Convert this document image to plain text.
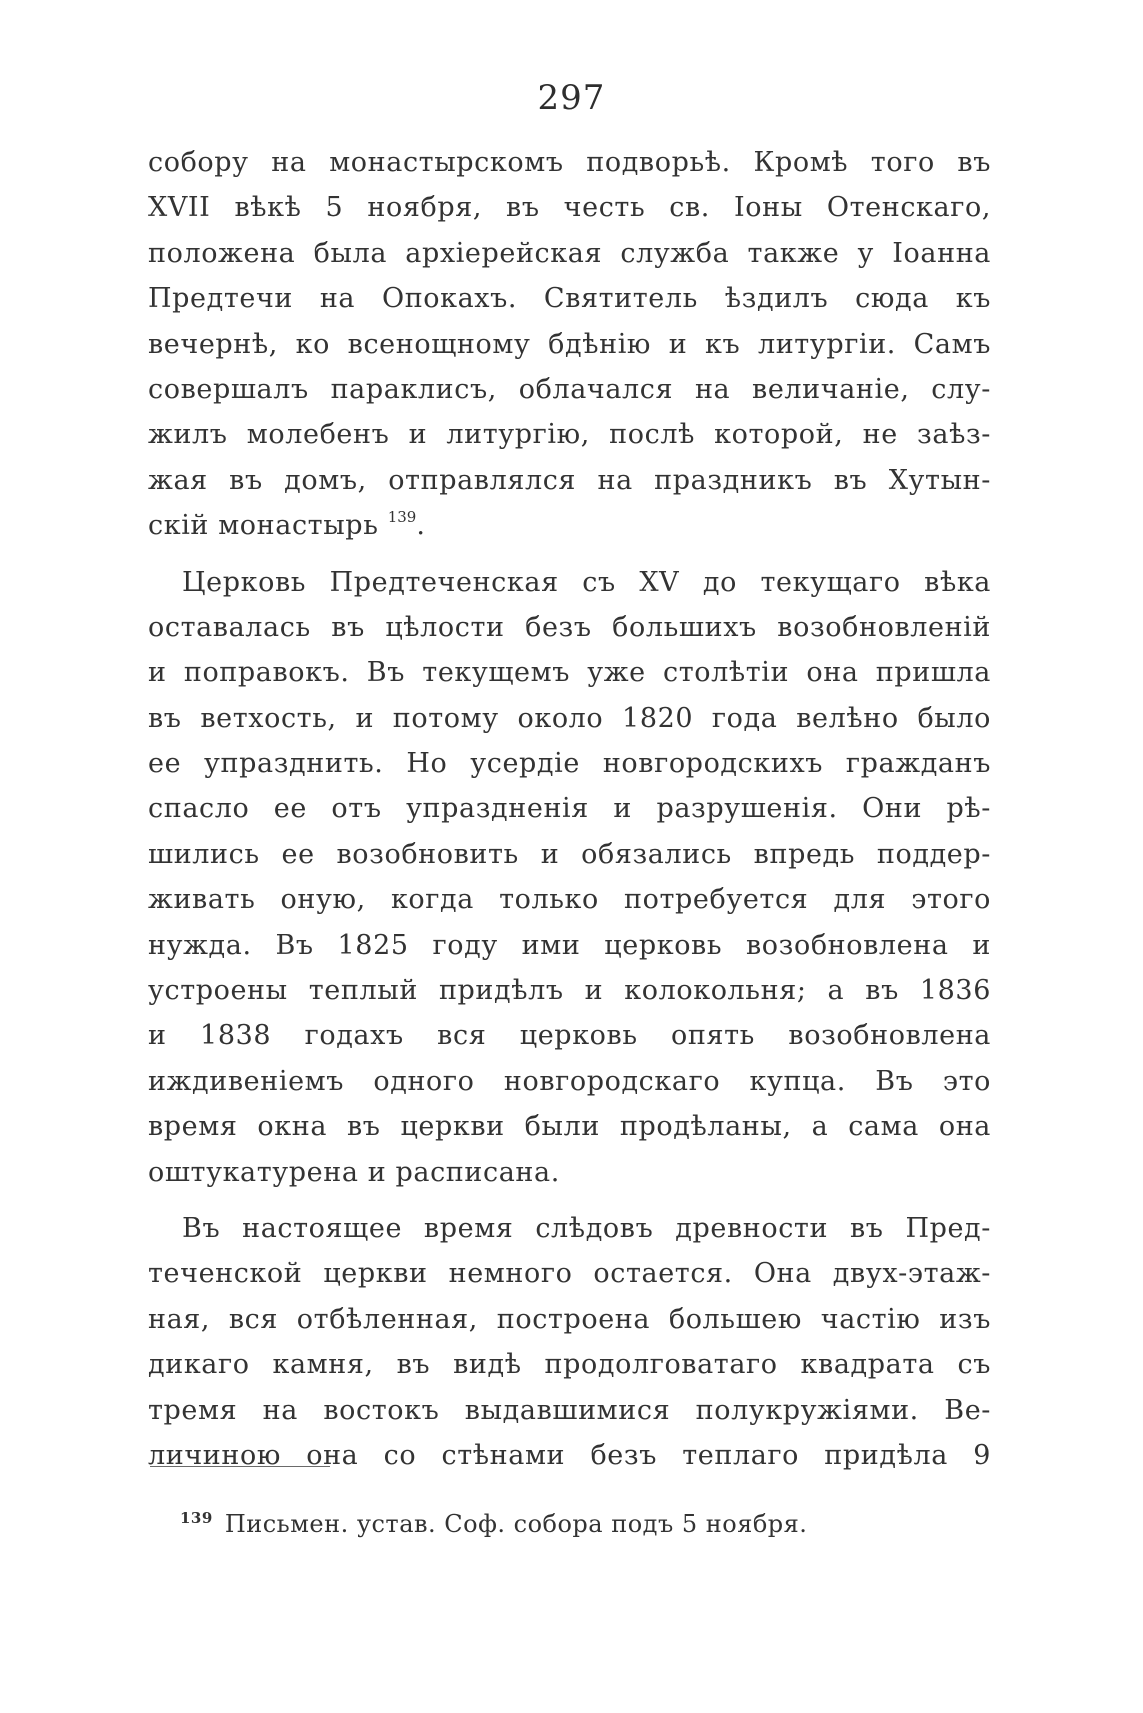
297
собору на монастырскомъ подворьѣ. Кромѣ того въ
XVII вѣкѣ 5 ноября, въ честь св. Іоны Отенскаго,
положена была архіерейская служба также у Іоанна
Предтечи на Опокахъ. Святитель ѣздилъ сюда къ
вечернѣ, ко всенощному бдѣнію и къ литургіи. Самъ
совершалъ параклисъ, облачался на величаніе, слу-
жилъ молебенъ и литургію, послѣ которой, не заѣз-
жая въ домъ, отправлялся на праздникъ въ Хутын-
скій монастырь $^{139}$.
Церковь Предтеченская съ XV до текущаго вѣка
оставалась въ цѣлости безъ большихъ возобновленій
и поправокъ. Въ текущемъ уже столѣтіи она пришла
въ ветхость, и потому около 1820 года велѣно было
ее упразднить. Но усердіе новгородскихъ гражданъ
спасло ее отъ упраздненія и разрушенія. Они рѣ-
шились ее возобновить и обязались впредь поддер-
живать оную, когда только потребуется для этого
нужда. Въ 1825 году ими церковь возобновлена и
устроены теплый придѣлъ и колокольня; а въ 1836
и 1838 годахъ вся церковь опять возобновлена
иждивеніемъ одного новгородскаго купца. Въ это
время окна въ церкви были продѣланы, а сама она
оштукатурена и расписана.
Въ настоящее время слѣдовъ древности въ Пред-
теченской церкви немного остается. Она двух-этаж-
ная, вся отбѣленная, построена большею частію изъ
дикаго камня, въ видѣ продолговатаго квадрата съ
тремя на востокъ выдавшимися полукружіями. Ве-
личиною она со стѣнами безъ теплаго придѣла 9
$^{139}$ Письмен. устав. Соф. собора подъ 5 ноября.
